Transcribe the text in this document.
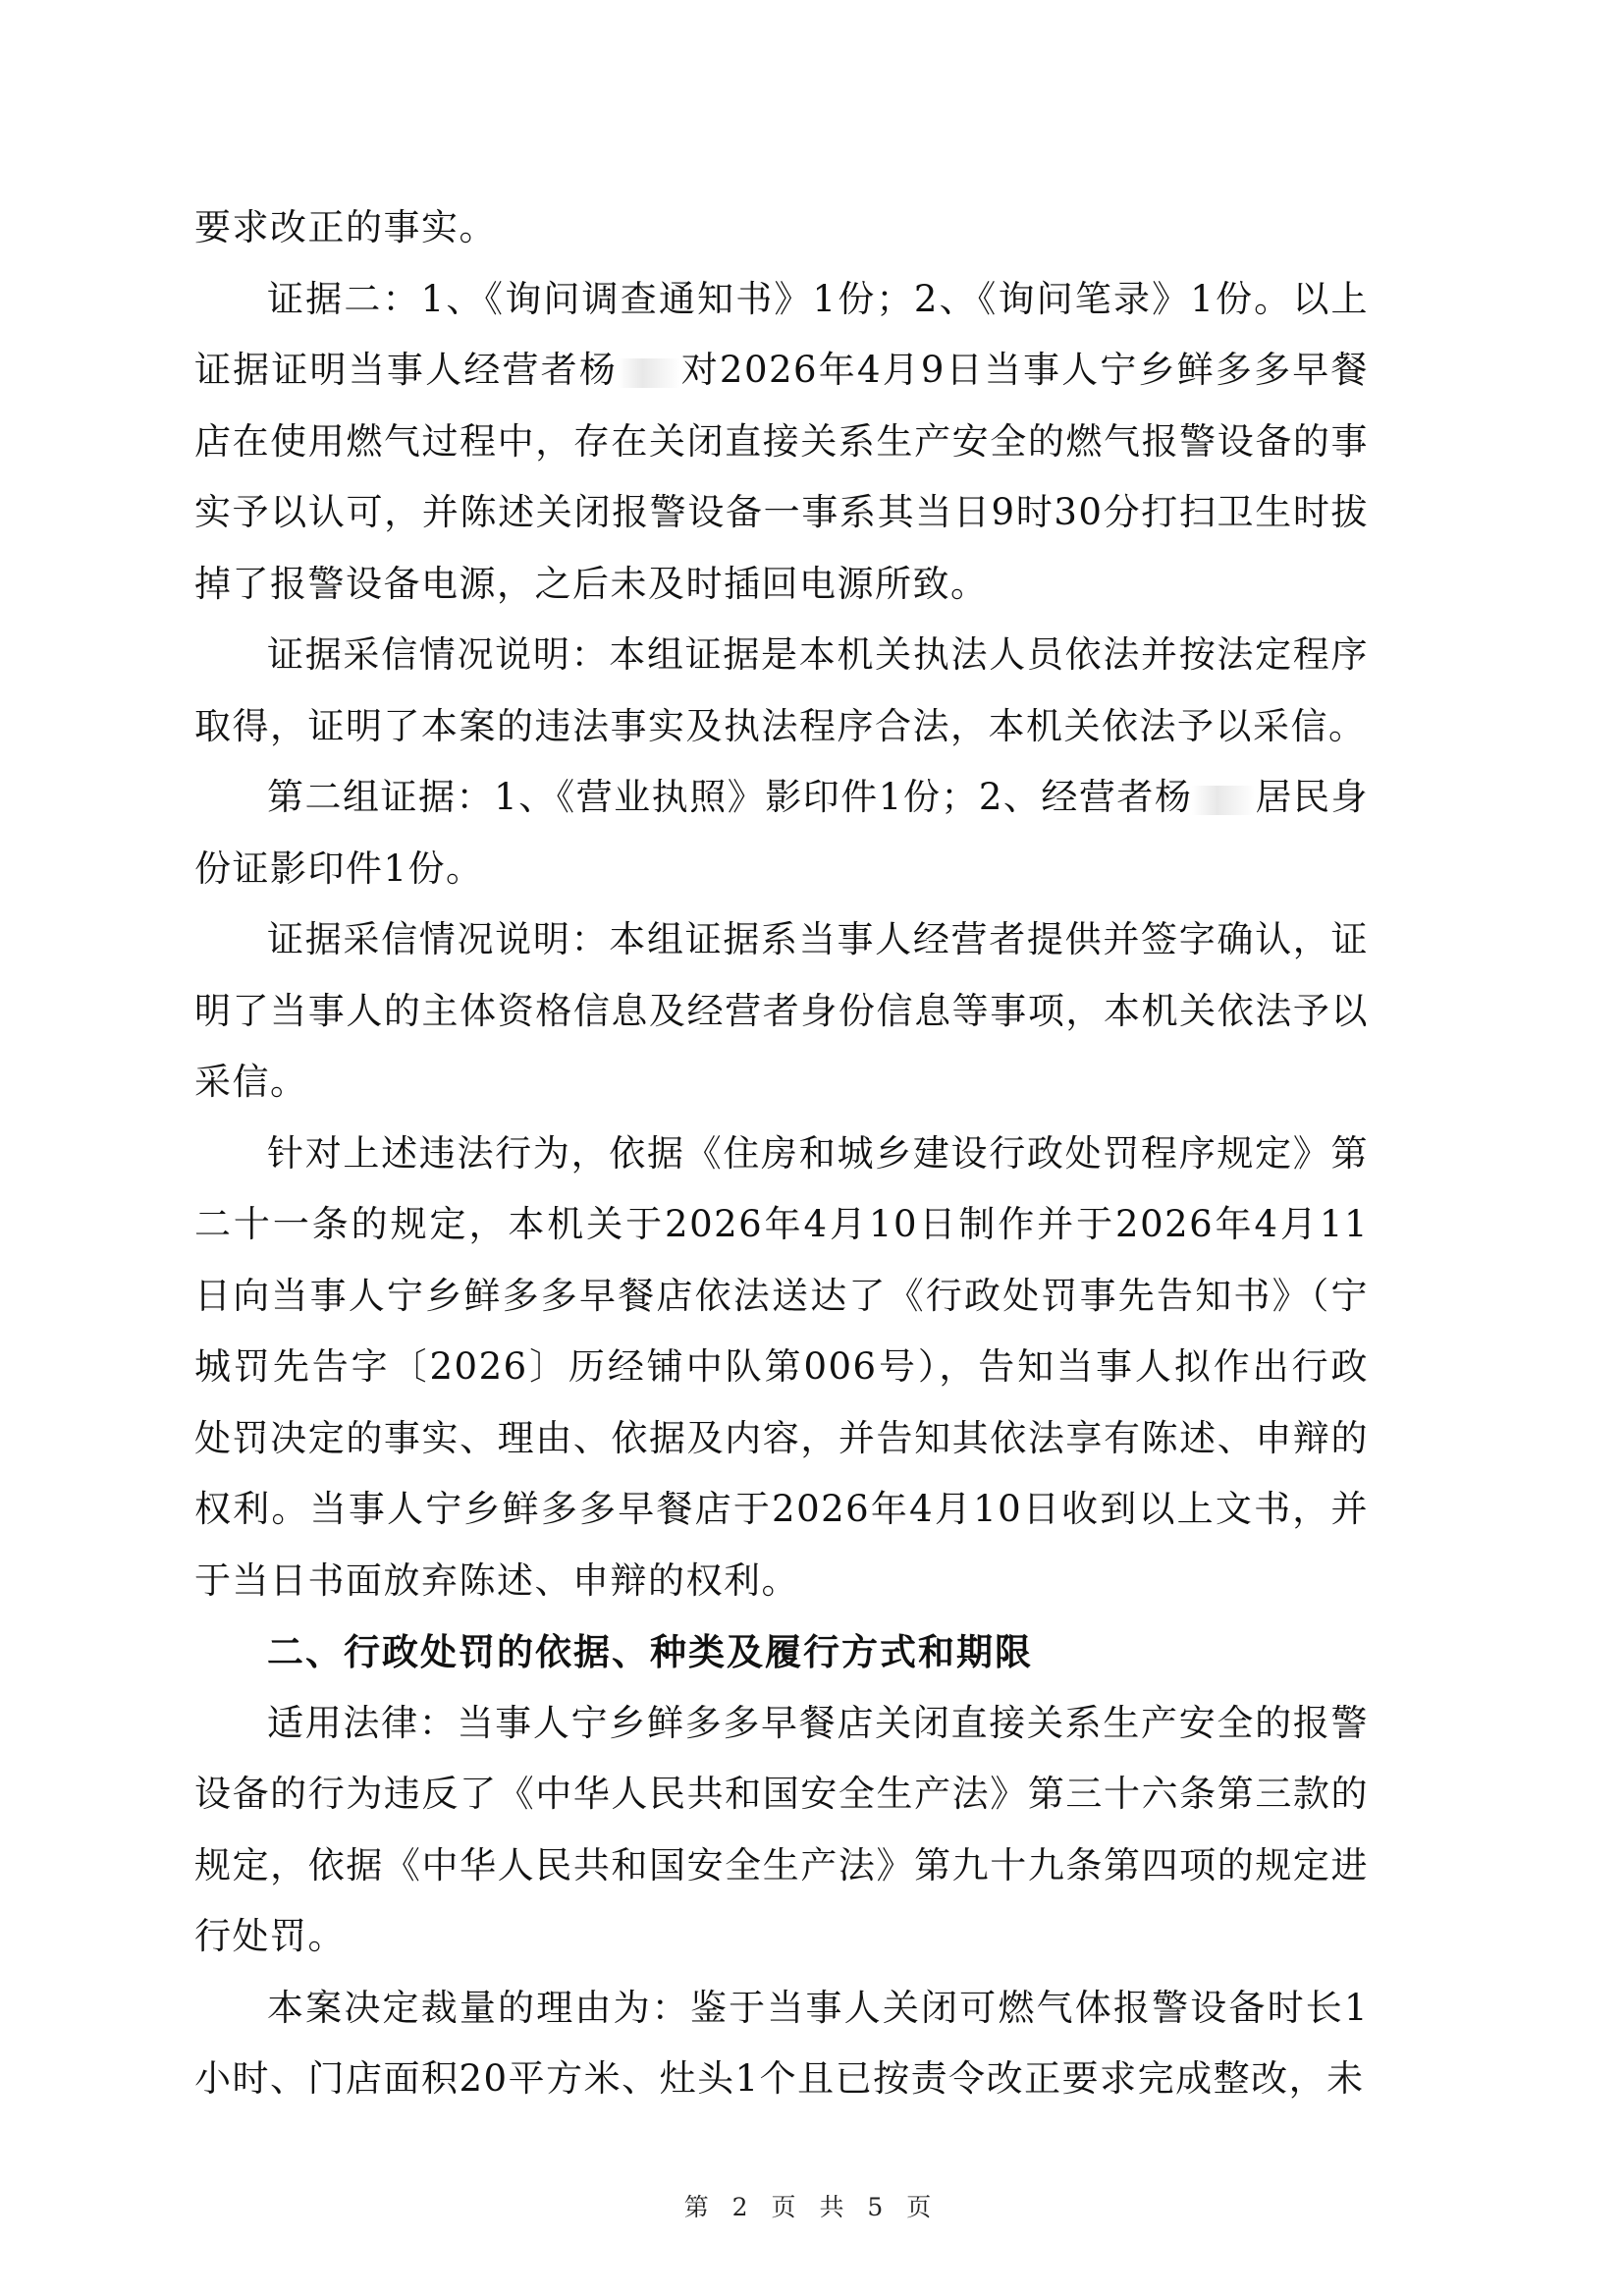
要求改正的事实。

证据二：1、《询问调查通知书》1份；2、《询问笔录》1份。以上证据证明当事人经营者杨 对2026年4月9日当事人宁乡鲜多多早餐店在使用燃气过程中，存在关闭直接关系生产安全的燃气报警设备的事实予以认可，并陈述关闭报警设备一事系其当日9时30分打扫卫生时拔掉了报警设备电源，之后未及时插回电源所致。

证据采信情况说明：本组证据是本机关执法人员依法并按法定程序取得，证明了本案的违法事实及执法程序合法，本机关依法予以采信。

第二组证据：1、《营业执照》影印件1份；2、经营者杨 居民身份证影印件1份。

证据采信情况说明：本组证据系当事人经营者提供并签字确认，证明了当事人的主体资格信息及经营者身份信息等事项，本机关依法予以采信。

针对上述违法行为，依据《住房和城乡建设行政处罚程序规定》第二十一条的规定，本机关于2026年4月10日制作并于2026年4月11日向当事人宁乡鲜多多早餐店依法送达了《行政处罚事先告知书》（宁城罚先告字〔2026〕历经铺中队第006号），告知当事人拟作出行政处罚决定的事实、理由、依据及内容，并告知其依法享有陈述、申辩的权利。当事人宁乡鲜多多早餐店于2026年4月10日收到以上文书，并于当日书面放弃陈述、申辩的权利。

二、行政处罚的依据、种类及履行方式和期限

适用法律：当事人宁乡鲜多多早餐店关闭直接关系生产安全的报警设备的行为违反了《中华人民共和国安全生产法》第三十六条第三款的规定，依据《中华人民共和国安全生产法》第九十九条第四项的规定进行处罚。

本案决定裁量的理由为：鉴于当事人关闭可燃气体报警设备时长1小时、门店面积20平方米、灶头1个且已按责令改正要求完成整改，未

第 2 页 共 5 页
